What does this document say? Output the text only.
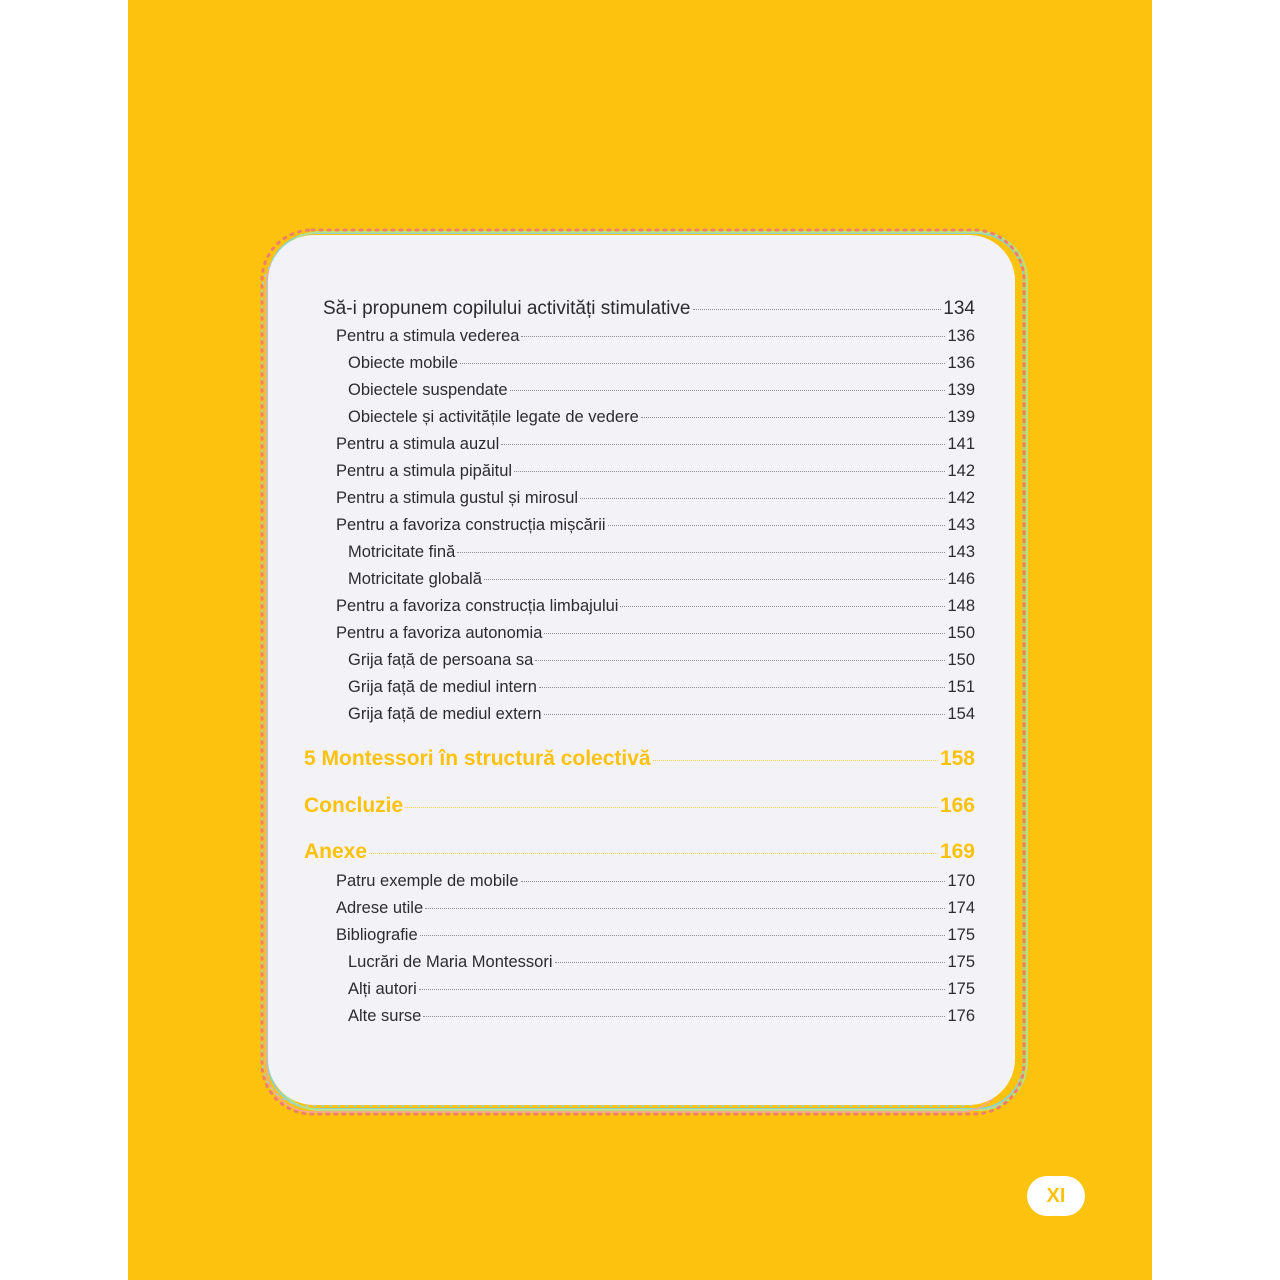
Să-i propunem copilului activități stimulative	134
Pentru a stimula vederea	136
Obiecte mobile	136
Obiectele suspendate	139
Obiectele și activitățile legate de vedere	139
Pentru a stimula auzul	141
Pentru a stimula pipăitul	142
Pentru a stimula gustul și mirosul	142
Pentru a favoriza construcția mișcării	143
Motricitate fină	143
Motricitate globală	146
Pentru a favoriza construcția limbajului	148
Pentru a favoriza autonomia	150
Grija față de persoana sa	150
Grija față de mediul intern	151
Grija față de mediul extern	154
5 Montessori în structură colectivă	158
Concluzie	166
Anexe	169
Patru exemple de mobile	170
Adrese utile	174
Bibliografie	175
Lucrări de Maria Montessori	175
Alți autori	175
Alte surse	176
XI
